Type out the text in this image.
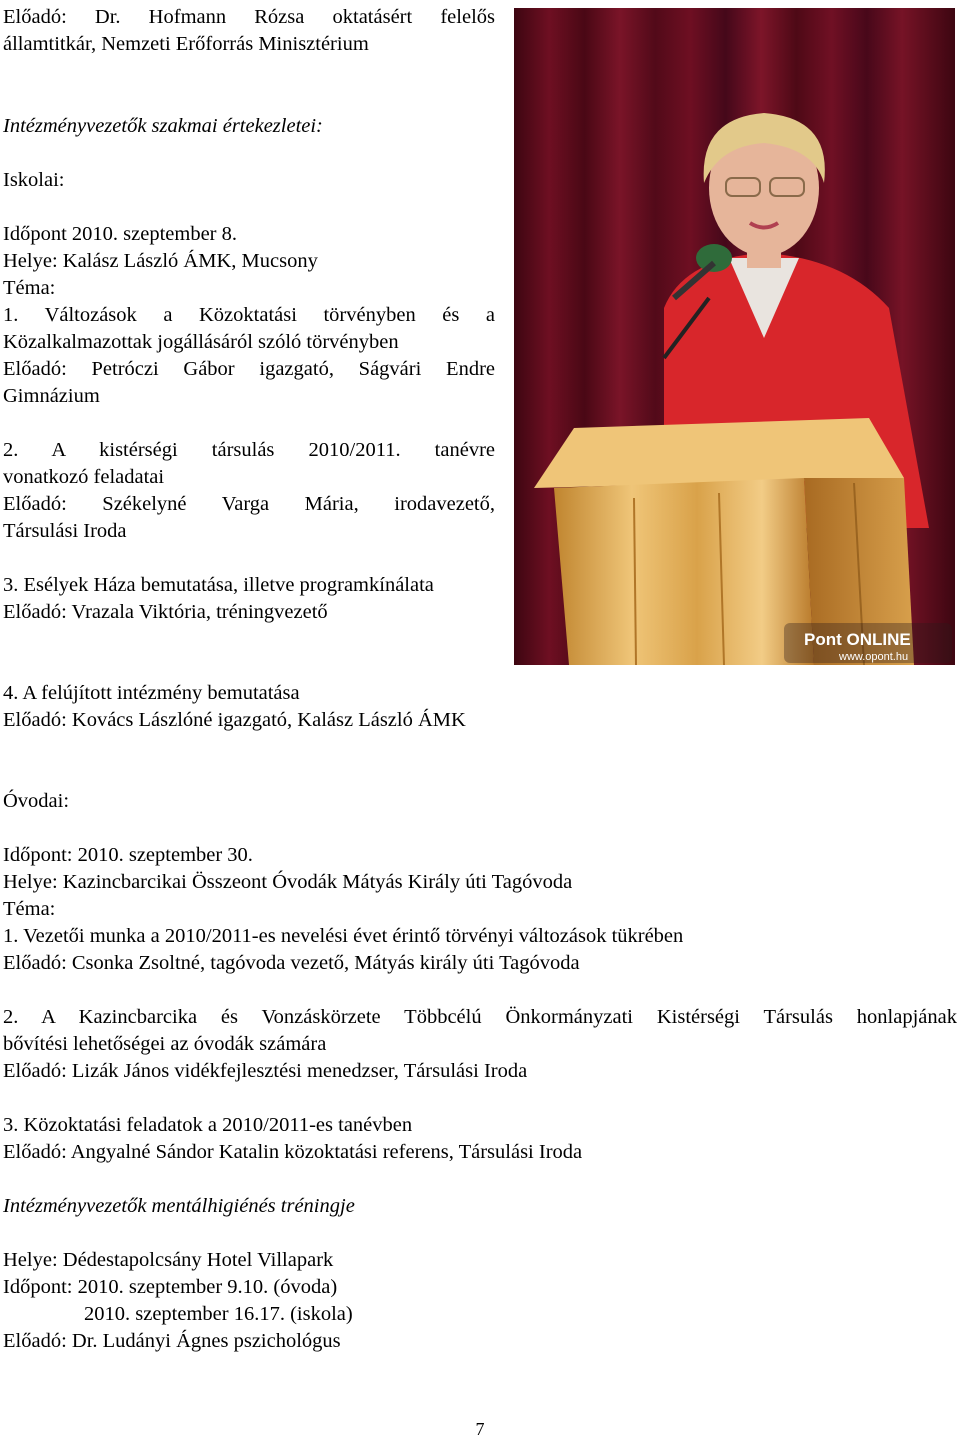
Előadó: Dr. Hofmann Rózsa oktatásért felelős
államtitkár, Nemzeti Erőforrás Minisztérium
Intézményvezetők szakmai értekezletei:
Iskolai:
Időpont 2010. szeptember 8.
Helye: Kalász László ÁMK, Mucsony
Téma:
1. Változások a Közoktatási törvényben és a
Közalkalmazottak jogállásáról szóló törvényben
Előadó: Petróczi Gábor igazgató, Ságvári Endre
Gimnázium
2. A kistérségi társulás 2010/2011. tanévre
vonatkozó feladatai
Előadó: Székelyné Varga Mária, irodavezető,
Társulási Iroda
3. Esélyek Háza bemutatása, illetve programkínálata
Előadó: Vrazala Viktória, tréningvezető
4. A felújított intézmény bemutatása
Előadó: Kovács Lászlóné igazgató, Kalász László ÁMK
Óvodai:
Időpont: 2010. szeptember 30.
Helye: Kazincbarcikai Összeont Óvodák Mátyás Király úti Tagóvoda
Téma:
1. Vezetői munka a 2010/2011-es nevelési évet érintő törvényi változások tükrében
Előadó: Csonka Zsoltné, tagóvoda vezető, Mátyás király úti Tagóvoda
2. A Kazincbarcika és Vonzáskörzete Többcélú Önkormányzati Kistérségi Társulás honlapjának
bővítési lehetőségei az óvodák számára
Előadó: Lizák János vidékfejlesztési menedzser, Társulási Iroda
3. Közoktatási feladatok a 2010/2011-es tanévben
Előadó: Angyalné Sándor Katalin közoktatási referens, Társulási Iroda
Intézményvezetők mentálhigiénés tréningje
Helye: Dédestapolcsány Hotel Villapark
Időpont: 2010. szeptember 9.10. (óvoda)
2010. szeptember 16.17. (iskola)
Előadó: Dr. Ludányi Ágnes pszichológus
Pont ONLINE
www.opont.hu
7
